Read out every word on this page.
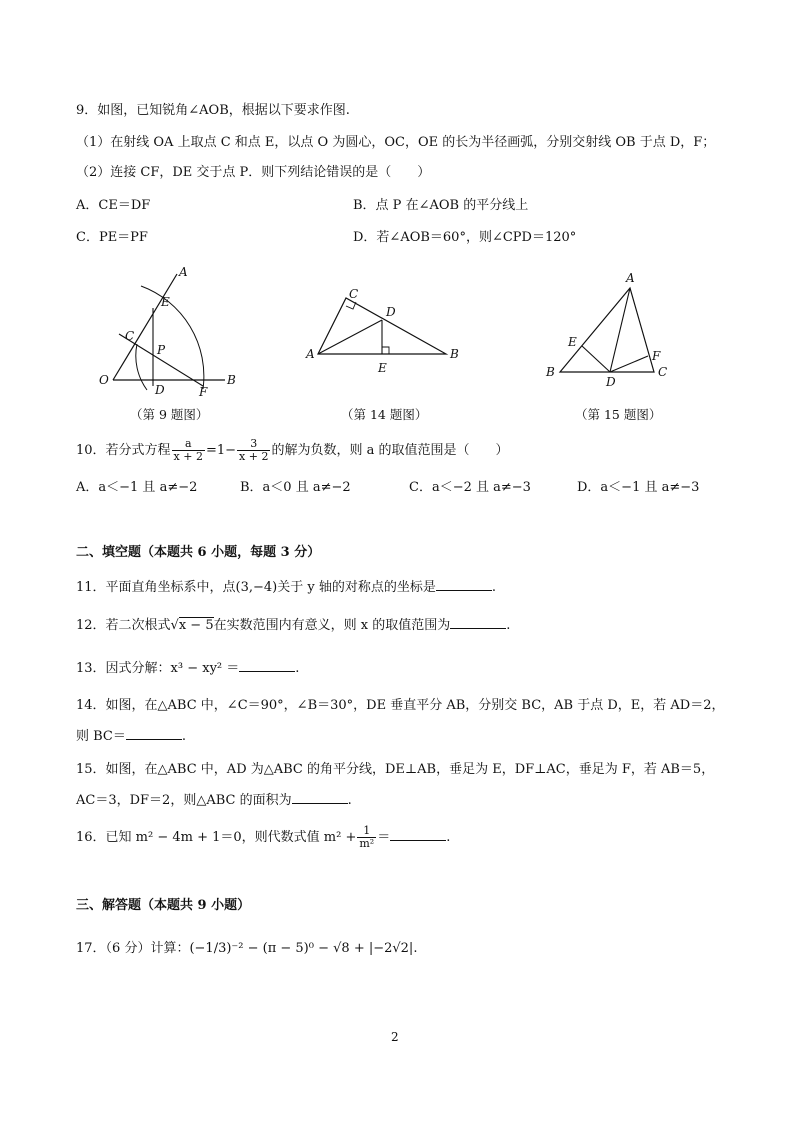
9．如图，已知锐角∠AOB，根据以下要求作图.
（1）在射线 OA 上取点 C 和点 E，以点 O 为圆心，OC，OE 的长为半径画弧，分别交射线 OB 于点 D，F；
（2）连接 CF，DE 交于点 P．则下列结论错误的是（　　）
A．CE＝DF	B．点 P 在∠AOB 的平分线上
C．PE＝PF	D．若∠AOB＝60°，则∠CPD＝120°
A
E
C
P
O
D	F
B
（第 9 题图）
C
D
A
E
B
（第 14 题图）
A
E
F
B
D
C
（第 15 题图）
10．若分式方程 $\frac{a}{x + 2} =1- \frac{3}{x + 2}$ 的解为负数，则 a 的取值范围是（　　）
A．a＜−1 且 a≠−2	B．a＜0 且 a≠−2	C．a＜−2 且 a≠−3	D．a＜−1 且 a≠−3
二、填空题（本题共 6 小题，每题 3 分）
11．平面直角坐标系中，点(3,−4)关于 y 轴的对称点的坐标是	.
12．若二次根式√x − 5在实数范围内有意义，则 x 的取值范围为	.
13．因式分解：x³ − xy² ＝	.
14．如图，在△ABC 中，∠C＝90°，∠B＝30°，DE 垂直平分 AB，分别交 BC，AB 于点 D，E，若 AD＝2，
则 BC＝	.
15．如图，在△ABC 中，AD 为△ABC 的角平分线，DE⊥AB，垂足为 E，DF⊥AC，垂足为 F，若 AB＝5，
AC＝3，DF＝2，则△ABC 的面积为	.
16．已知 m² − 4m + 1＝0，则代数式值 $m^2 + \frac{1}{\text{m²}}$ ＝	.
三、解答题（本题共 9 小题）
17．（6 分）计算：(−1/3)⁻² − (π − 5)⁰ − √8 + |−2√2|.
2
